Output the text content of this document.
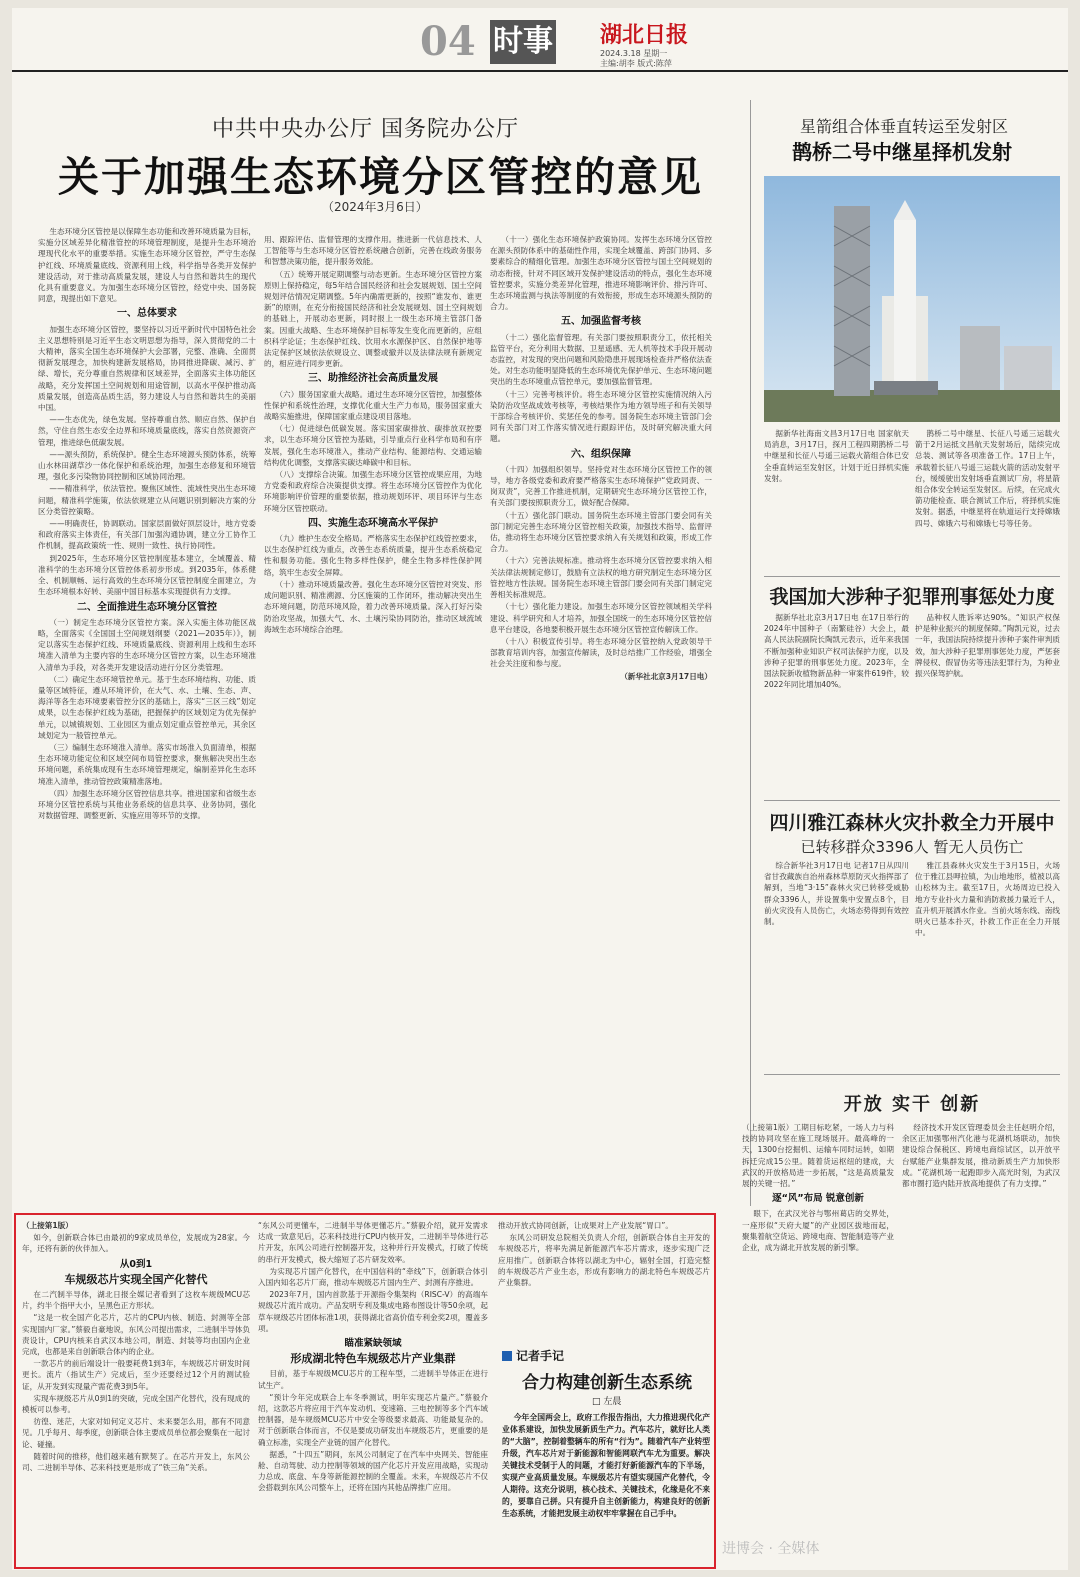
04 时事 湖北日报
2024.3.18 星期一
主编:胡李 版式:陈萍
中共中央办公厅 国务院办公厅
关于加强生态环境分区管控的意见
（2024年3月6日）

生态环境分区管控是以保障生态功能和改善环境质量为目标，实施分区域差异化精准管控的环境管理制度，是提升生态环境治理现代化水平的重要举措。实施生态环境分区管控，严守生态保护红线、环境质量底线、资源利用上线，科学指导各类开发保护建设活动，对于推动高质量发展，建设人与自然和谐共生的现代化具有重要意义。为加强生态环境分区管控，经党中央、国务院同意，现提出如下意见。

一、总体要求

加强生态环境分区管控，要坚持以习近平新时代中国特色社会主义思想特别是习近平生态文明思想为指导，深入贯彻党的二十大精神，落实全国生态环境保护大会部署，完整、准确、全面贯彻新发展理念，加快构建新发展格局，协同推进降碳、减污、扩绿、增长，充分尊重自然规律和区域差异，全面落实主体功能区战略，充分发挥国土空间规划和用途管制，以高水平保护推动高质量发展，创造高品质生活，努力建设人与自然和谐共生的美丽中国。

——生态优先，绿色发展。坚持尊重自然、顺应自然、保护自然，守住自然生态安全边界和环境质量底线，落实自然资源资产管理，推进绿色低碳发展。

——源头预防，系统保护。健全生态环境源头预防体系，统筹山水林田湖草沙一体化保护和系统治理，加强生态修复和环境管理，强化多污染物协同控制和区域协同治理。

——精准科学，依法管控。聚焦区域性、流域性突出生态环境问题，精准科学施策，依法依规建立从问题识别到解决方案的分区分类管控策略。

——明确责任，协调联动。国家层面做好顶层设计，地方党委和政府落实主体责任，有关部门加强沟通协调，建立分工协作工作机制，提高政策统一性、规则一致性、执行协同性。

到2025年，生态环境分区管控制度基本建立，全域覆盖、精准科学的生态环境分区管控体系初步形成。到2035年，体系健全、机制顺畅、运行高效的生态环境分区管控制度全面建立，为生态环境根本好转、美丽中国目标基本实现提供有力支撑。

二、全面推进生态环境分区管控

（一）制定生态环境分区管控方案。深入实施主体功能区战略，全面落实《全国国土空间规划纲要（2021—2035年）》，制定以落实生态保护红线、环境质量底线、资源利用上线和生态环境准入清单为主要内容的生态环境分区管控方案，以生态环境准入清单为手段，对各类开发建设活动进行分区分类管理。

（二）确定生态环境管控单元。基于生态环境结构、功能、质量等区域特征，遵从环境评价，在大气、水、土壤、生态、声、海洋等各生态环境要素管控分区的基础上，落实“三区三线”划定成果，以生态保护红线为基础，把握保护的区域划定为优先保护单元，以城镇规划、工业园区为重点划定重点管控单元，其余区域划定为一般管控单元。

（三）编制生态环境准入清单。落实市场准入负面清单，根据生态环境功能定位和区域空间布局管控要求，聚焦解决突出生态环境问题，系统集成现有生态环境管理规定，编制差异化生态环境准入清单，推动管控政策精准落地。

（四）加强生态环境分区管控信息共享。推进国家和省级生态环境分区管控系统与其他业务系统的信息共享、业务协同，强化对数据管理、调整更新、实施应用等环节的支撑。

用、跟踪评估、监督管理的支撑作用。推进新一代信息技术、人工智能等与生态环境分区管控系统融合创新，完善在线政务服务和智慧决策功能，提升服务效能。

（五）统筹开展定期调整与动态更新。生态环境分区管控方案原则上保持稳定，每5年结合国民经济和社会发展规划、国土空间规划评估情况定期调整。5年内确需更新的，按照“谁发布、谁更新”的原则，在充分衔接国民经济和社会发展规划、国土空间规划的基础上，开展动态更新，同时报上一级生态环境主管部门备案。因重大战略、生态环境保护目标等发生变化而更新的，应组织科学论证；生态保护红线、饮用水水源保护区、自然保护地等法定保护区域依法依规设立、调整或撤并以及法律法规有新规定的，相应进行同步更新。

三、助推经济社会高质量发展

（六）服务国家重大战略。通过生态环境分区管控，加强整体性保护和系统性治理，支撑优化重大生产力布局，服务国家重大战略实施推进，保障国家重点建设项目落地。

（七）促进绿色低碳发展。落实国家碳排放、碳排放双控要求，以生态环境分区管控为基础，引导重点行业科学布局和有序发展，强化生态环境准入，推动产业结构、能源结构、交通运输结构优化调整，支撑落实碳达峰碳中和目标。

（八）支撑综合决策。加强生态环境分区管控成果应用，为地方党委和政府综合决策提供支撑。将生态环境分区管控作为优化环境影响评价管理的重要依据，推动规划环评、项目环评与生态环境分区管控联动。

四、实施生态环境高水平保护

（九）维护生态安全格局。严格落实生态保护红线管控要求，以生态保护红线为重点，改善生态系统质量，提升生态系统稳定性和服务功能。强化生物多样性保护，健全生物多样性保护网络，筑牢生态安全屏障。

（十）推动环境质量改善。强化生态环境分区管控对突发、形成问题识别、精准溯源、分区施策的工作闭环，推动解决突出生态环境问题，防范环境风险，着力改善环境质量。深入打好污染防治攻坚战，加强大气、水、土壤污染协同防治，推动区域流域海域生态环境综合治理。

（十一）强化生态环境保护政策协同。发挥生态环境分区管控在源头预防体系中的基础性作用，实现全域覆盖、跨部门协同、多要素综合的精细化管理。加强生态环境分区管控与国土空间规划的动态衔接，针对不同区域开发保护建设活动的特点，强化生态环境管控要求，实施分类差异化管理，推进环境影响评价、排污许可、生态环境监测与执法等制度的有效衔接，形成生态环境源头预防的合力。

五、加强监督考核

（十二）强化监督管理。有关部门要按照职责分工，依托相关监管平台，充分利用大数据、卫星遥感、无人机等技术手段开展动态监控，对发现的突出问题和风险隐患开展现场检查并严格依法查处。对生态功能明显降低的生态环境优先保护单元、生态环境问题突出的生态环境重点管控单元，要加强监督管理。

（十三）完善考核评价。将生态环境分区管控实施情况纳入污染防治攻坚战成效考核等，考核结果作为地方领导班子和有关领导干部综合考核评价、奖惩任免的参考。国务院生态环境主管部门会同有关部门对工作落实情况进行跟踪评估，及时研究解决重大问题。

六、组织保障

（十四）加强组织领导。坚持党对生态环境分区管控工作的领导，地方各级党委和政府要严格落实生态环境保护“党政同责、一岗双责”，完善工作推进机制，定期研究生态环境分区管控工作，有关部门要按照职责分工，做好配合保障。

（十五）强化部门联动。国务院生态环境主管部门要会同有关部门制定完善生态环境分区管控相关政策，加强技术指导、监督评估，推动将生态环境分区管控要求纳入有关规划和政策，形成工作合力。

（十六）完善法规标准。推动将生态环境分区管控要求纳入相关法律法规制定修订，鼓励有立法权的地方研究制定生态环境分区管控地方性法规。国务院生态环境主管部门要会同有关部门制定完善相关标准规范。

（十七）强化能力建设。加强生态环境分区管控领域相关学科建设、科学研究和人才培养，加强全国统一的生态环境分区管控信息平台建设，各地要积极开展生态环境分区管控宣传解读工作。

（十八）积极宣传引导。将生态环境分区管控纳入党政领导干部教育培训内容，加强宣传解读，及时总结推广工作经验，增强全社会关注度和参与度。

（新华社北京3月17日电）

星箭组合体垂直转运至发射区
鹊桥二号中继星择机发射

据新华社海南文昌3月17日电 国家航天局消息，3月17日，探月工程四期鹊桥二号中继星和长征八号遥三运载火箭组合体已安全垂直转运至发射区，计划于近日择机实施发射。

鹊桥二号中继星、长征八号遥三运载火箭于2月运抵文昌航天发射场后，陆续完成总装、测试等各项准备工作。17日上午，承载着长征八号遥三运载火箭的活动发射平台，缓缓驶出发射场垂直测试厂房，将星箭组合体安全转运至发射区。后续，在完成火箭功能检查、联合测试工作后，将择机实施发射。据悉，中继星将在轨道运行支持嫦娥四号、嫦娥六号和嫦娥七号等任务。

我国加大涉种子犯罪刑事惩处力度

据新华社北京3月17日电 在17日举行的2024年中国种子（南繁硅谷）大会上，最高人民法院副院长陶凯元表示，近年来我国不断加强种业知识产权司法保护力度，以及涉种子犯罪的刑事惩处力度。2023年，全国法院新收植物新品种一审案件619件，较2022年同比增加40%。

品种权人胜诉率达90%。“知识产权保护是种业振兴的制度保障。”陶凯元说，过去一年，我国法院持续提升涉种子案件审判质效，加大涉种子犯罪刑事惩处力度，严惩套牌侵权、假冒伪劣等违法犯罪行为，为种业振兴保驾护航。

四川雅江森林火灾扑救全力开展中
已转移群众3396人 暂无人员伤亡

综合新华社3月17日电 记者17日从四川省甘孜藏族自治州森林草原防灭火指挥部了解到，当地“3·15”森林火灾已转移受威胁群众3396人，并设置集中安置点8个，目前火灾没有人员伤亡，火场态势得到有效控制。

雅江县森林火灾发生于3月15日，火场位于雅江县呷拉镇，为山地地形，植被以高山松林为主。截至17日，火场周边已投入地方专业扑火力量和消防救援力量近千人，直升机开展洒水作业。当前火场东线、南线明火已基本扑灭，扑救工作正在全力开展中。

开放 实干 创新

（上接第1版）工期目标吃紧，一场人力与科技的协同攻坚在施工现场展开。最高峰的一天，1300台挖掘机、运输车同时运转，如期拆迁完成15公里。随着货运枢纽的建成，大武汉的开放格局进一步拓展，“这是高质量发展的关键一招。”

逐“风”布局 锐意创新

眼下，在武汉光谷与鄂州葛店的交界处，一座形似“天府大厦”的产业园区拔地而起，聚集着航空货运、跨境电商、智能制造等产业企业，成为湖北开放发展的新引擎。

经济技术开发区管理委员会主任赵明介绍，余区正加强鄂州汽化港与花湖机场联动，加快建设综合保税区、跨境电商综试区，以开放平台赋能产业集群发展，推动新质生产力加快形成。“花湖机场一起跑即步入高光时刻，为武汉都市圈打造内陆开放高地提供了有力支撑。”

（上接第1版）

如今，创新联合体已由最初的9家成员单位，发展成为28家。今年，还将有新的伙伴加入。

从0到1
车规级芯片实现全国产化替代

在二汽制半导体，湖北日报全媒记者看到了这枚车规级MCU芯片，约半个指甲大小，呈黑色正方形状。

“这是一枚全国产化芯片，芯片的CPU内核、制造、封测等全部实现国内厂家。”蔡毅自豪地说，东风公司提出需求，二进制半导体负责设计，CPU内核来自武汉本地公司，制造、封装等均由国内企业完成，也都是来自创新联合体内的企业。

一款芯片的前后端设计一般要耗费1到3年，车规级芯片研发时间更长。流片（指试生产）完成后，至少还要经过12个月的测试验证，从开发到实现量产需花费3到5年。

实现车规级芯片从0到1的突破，完成全国产化替代，没有现成的模板可以参考。

彷徨、迷茫，大家对如何定义芯片、未来要怎么用，都有不同意见。几乎每月、每季度，创新联合体主要成员单位都会聚集在一起讨论、碰撞。

随着时间的推移，他们越来越有默契了。在芯片开发上，东风公司、二进制半导体、芯来科技更是形成了“铁三角”关系。

“东风公司更懂车，二进制半导体更懂芯片。”蔡毅介绍，就开发需求达成一致意见后，芯来科技进行CPU内核开发，二进制半导体进行芯片开发，东风公司进行控制器开发，这种并行开发模式，打破了传统的串行开发模式，极大缩短了芯片研发效率。

为实现芯片国产化替代，在中国信科的“牵线”下，创新联合体引入国内知名芯片厂商，推动车规级芯片国内生产、封测有序推进。

2023年7月，国内首款基于开源指令集架构（RISC-V）的高端车规级芯片流片成功。产品发明专利及集成电路布图设计等50余项，起草车规级芯片团体标准1项，获得湖北省高价值专利金奖2项，覆盖多项。

瞄准紧缺领域
形成湖北特色车规级芯片产业集群

目前，基于车规级MCU芯片的工程车型，二进制半导体正在进行试生产。

“预计今年完成联合上车冬季测试，明年实现芯片量产。”蔡毅介绍，这款芯片将应用于汽车发动机、变速箱、三电控制等多个汽车域控制器，是车规级MCU芯片中安全等级要求最高、功能最复杂的。对于创新联合体而言，不仅是要成功研发出车规级芯片，更重要的是确立标准，实现全产业链的国产化替代。

据悉，“十四五”期间，东风公司制定了在汽车中央网关、智能座舱、自动驾驶、动力控制等领域的国产化芯片开发应用战略，实现动力总成、底盘、车身等新能源控制的全覆盖。未来，车规级芯片不仅会搭载到东风公司整车上，还将在国内其他品牌推广应用。

推动开放式协同创新，让成果对上产业发展“胃口”。

东风公司研发总院相关负责人介绍，创新联合体自主开发的车规级芯片，将率先满足新能源汽车芯片需求，逐步实现广泛应用推广。创新联合体将以湖北为中心，辐射全国，打造完整的车规级芯片产业生态，形成有影响力的湖北特色车规级芯片产业集群。

记者手记
合力构建创新生态系统
□ 左晨
今年全国两会上，政府工作报告指出，大力推进现代化产业体系建设，加快发展新质生产力。汽车芯片，就好比人类的“大脑”，控制着整辆车的所有“行为”。随着汽车产业转型升级，汽车芯片对于新能源和智能网联汽车尤为重要。解决关键技术受制于人的问题，才能打好新能源汽车的下半场，实现产业高质量发展。车规级芯片有望实现国产化替代，令人期待。这充分说明，核心技术、关键技术，化缘是化不来的，要靠自己拼。只有提升自主创新能力，构建良好的创新生态系统，才能把发展主动权牢牢掌握在自己手中。
进博会 · 全媒体
